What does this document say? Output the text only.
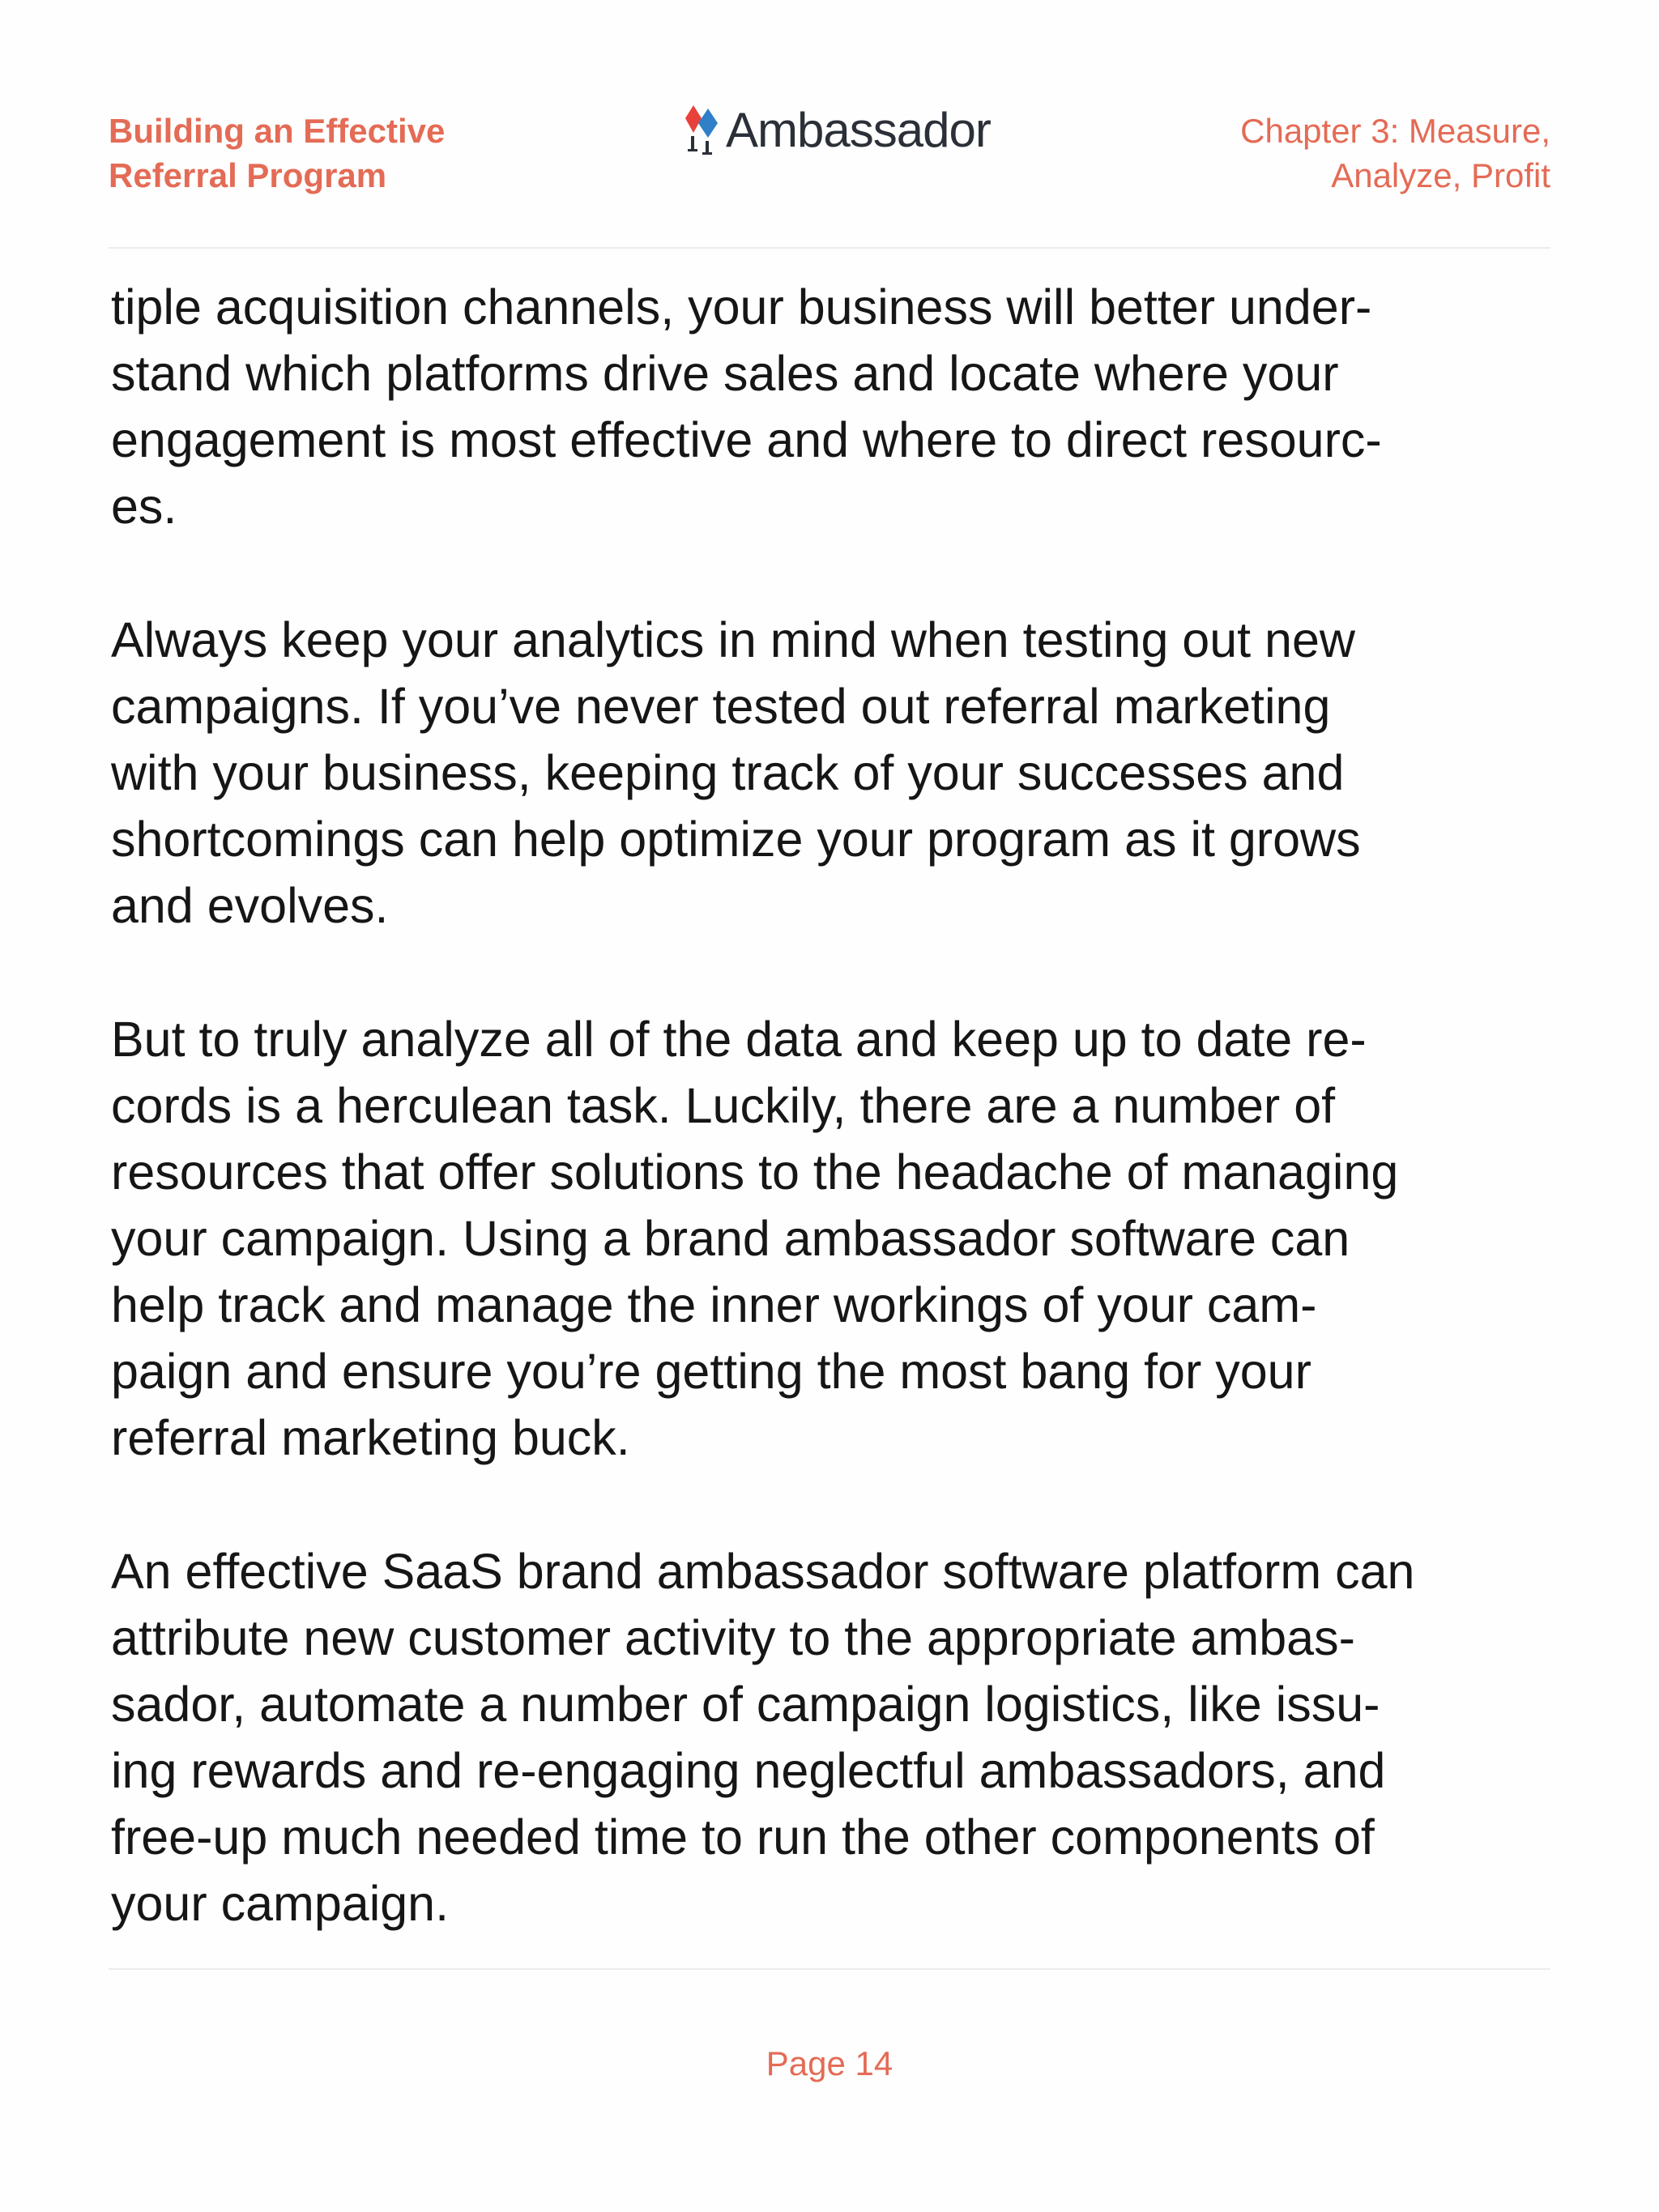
Building an Effective
Referral Program
Ambassador	Chapter 3: Measure,
Analyze, Profit

tiple acquisition channels, your business will better under-
stand which platforms drive sales and locate where your
engagement is most effective and where to direct resourc-
es.

Always keep your analytics in mind when testing out new
campaigns. If you’ve never tested out referral marketing
with your business, keeping track of your successes and
shortcomings can help optimize your program as it grows
and evolves.

But to truly analyze all of the data and keep up to date re-
cords is a herculean task. Luckily, there are a number of
resources that offer solutions to the headache of managing
your campaign. Using a brand ambassador software can
help track and manage the inner workings of your cam-
paign and ensure you’re getting the most bang for your
referral marketing buck.

An effective SaaS brand ambassador software platform can
attribute new customer activity to the appropriate ambas-
sador, automate a number of campaign logistics, like issu-
ing rewards and re-engaging neglectful ambassadors, and
free-up much needed time to run the other components of
your campaign.

Page 14
